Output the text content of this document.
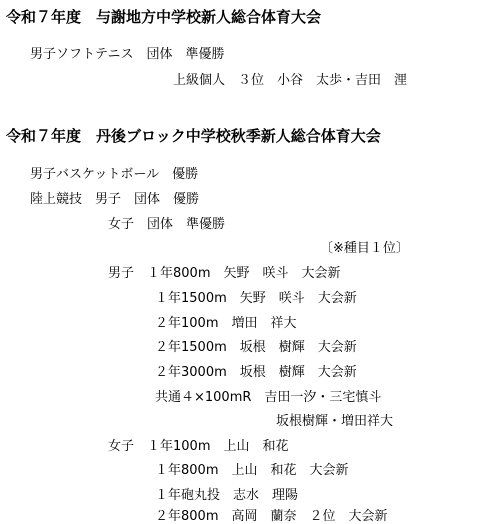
令和７年度　与謝地方中学校新人総合体育大会
男子ソフトテニス　団体　準優勝
上級個人　３位　小谷　太歩・吉田　浬
令和７年度　丹後ブロック中学校秋季新人総合体育大会
男子バスケットボール　優勝
陸上競技　男子　団体　優勝
女子　団体　準優勝
〔※種目１位〕
男子　１年800m　矢野　咲斗　大会新
１年1500m　矢野　咲斗　大会新
２年100m　増田　祥大
２年1500m　坂根　樹輝　大会新
２年3000m　坂根　樹輝　大会新
共通４×100mR　吉田一汐・三宅慎斗
坂根樹輝・増田祥大
女子　１年100m　上山　和花
１年800m　上山　和花　大会新
１年砲丸投　志水　理陽
２年800m　高岡　蘭奈　２位　大会新
